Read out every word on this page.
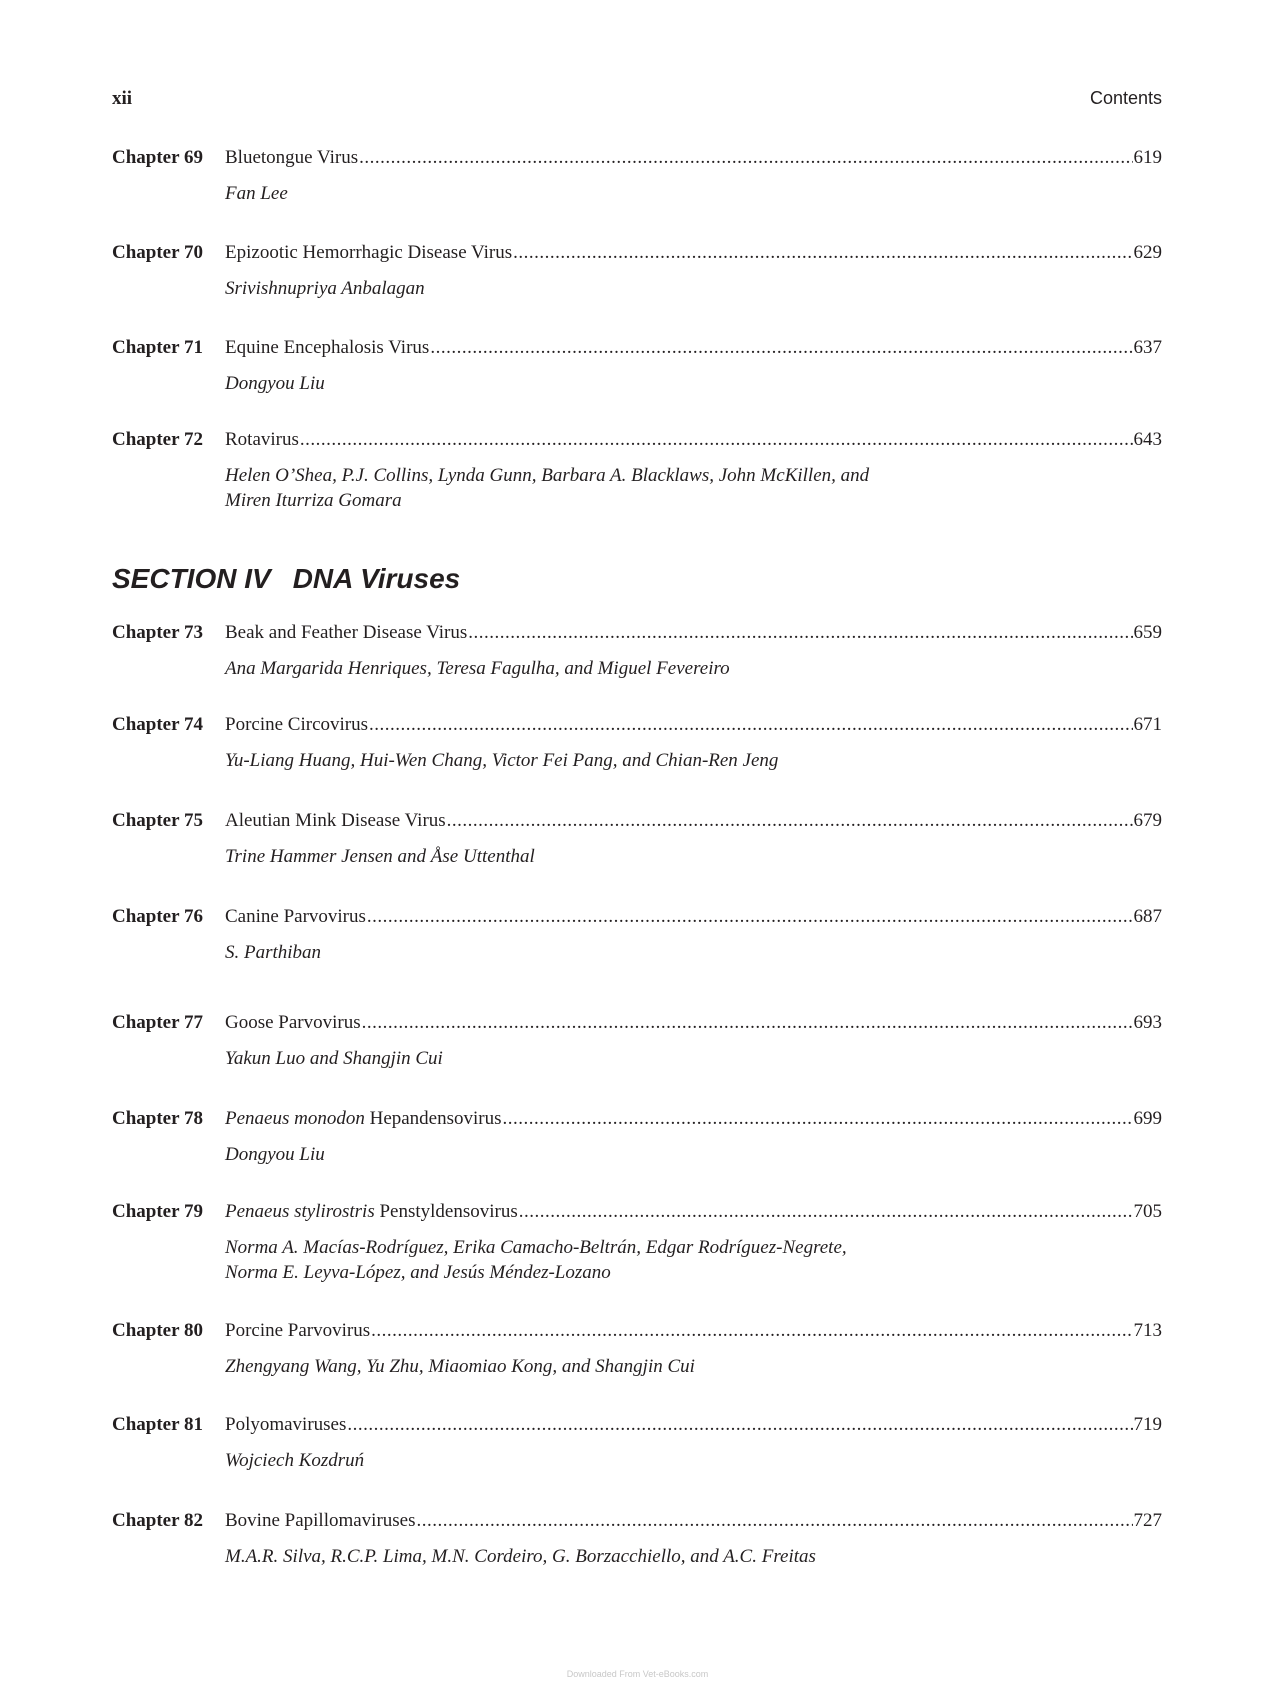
xii	Contents
Chapter 69 Bluetongue Virus .....	619
Fan Lee
Chapter 70 Epizootic Hemorrhagic Disease Virus .....	629
Srivishnupriya Anbalagan
Chapter 71 Equine Encephalosis Virus .....	637
Dongyou Liu
Chapter 72 Rotavirus .....	643
Helen O’Shea, P.J. Collins, Lynda Gunn, Barbara A. Blacklaws, John McKillen, and
Miren Iturriza Gomara
SECTION IV DNA Viruses
Chapter 73 Beak and Feather Disease Virus .....	659
Ana Margarida Henriques, Teresa Fagulha, and Miguel Fevereiro
Chapter 74 Porcine Circovirus .....	671
Yu-Liang Huang, Hui-Wen Chang, Victor Fei Pang, and Chian-Ren Jeng
Chapter 75 Aleutian Mink Disease Virus .....	679
Trine Hammer Jensen and Åse Uttenthal
Chapter 76 Canine Parvovirus .....	687
S. Parthiban
Chapter 77 Goose Parvovirus .....	693
Yakun Luo and Shangjin Cui
Chapter 78 Penaeus monodon Hepandensovirus .....	699
Dongyou Liu
Chapter 79 Penaeus stylirostris Penstyldensovirus .....	705
Norma A. Macías-Rodríguez, Erika Camacho-Beltrán, Edgar Rodríguez-Negrete,
Norma E. Leyva-López, and Jesús Méndez-Lozano
Chapter 80 Porcine Parvovirus .....	713
Zhengyang Wang, Yu Zhu, Miaomiao Kong, and Shangjin Cui
Chapter 81 Polyomaviruses .....	719
Wojciech Kozdruń
Chapter 82 Bovine Papillomaviruses .....	727
M.A.R. Silva, R.C.P. Lima, M.N. Cordeiro, G. Borzacchiello, and A.C. Freitas
Downloaded From Vet-eBooks.com
